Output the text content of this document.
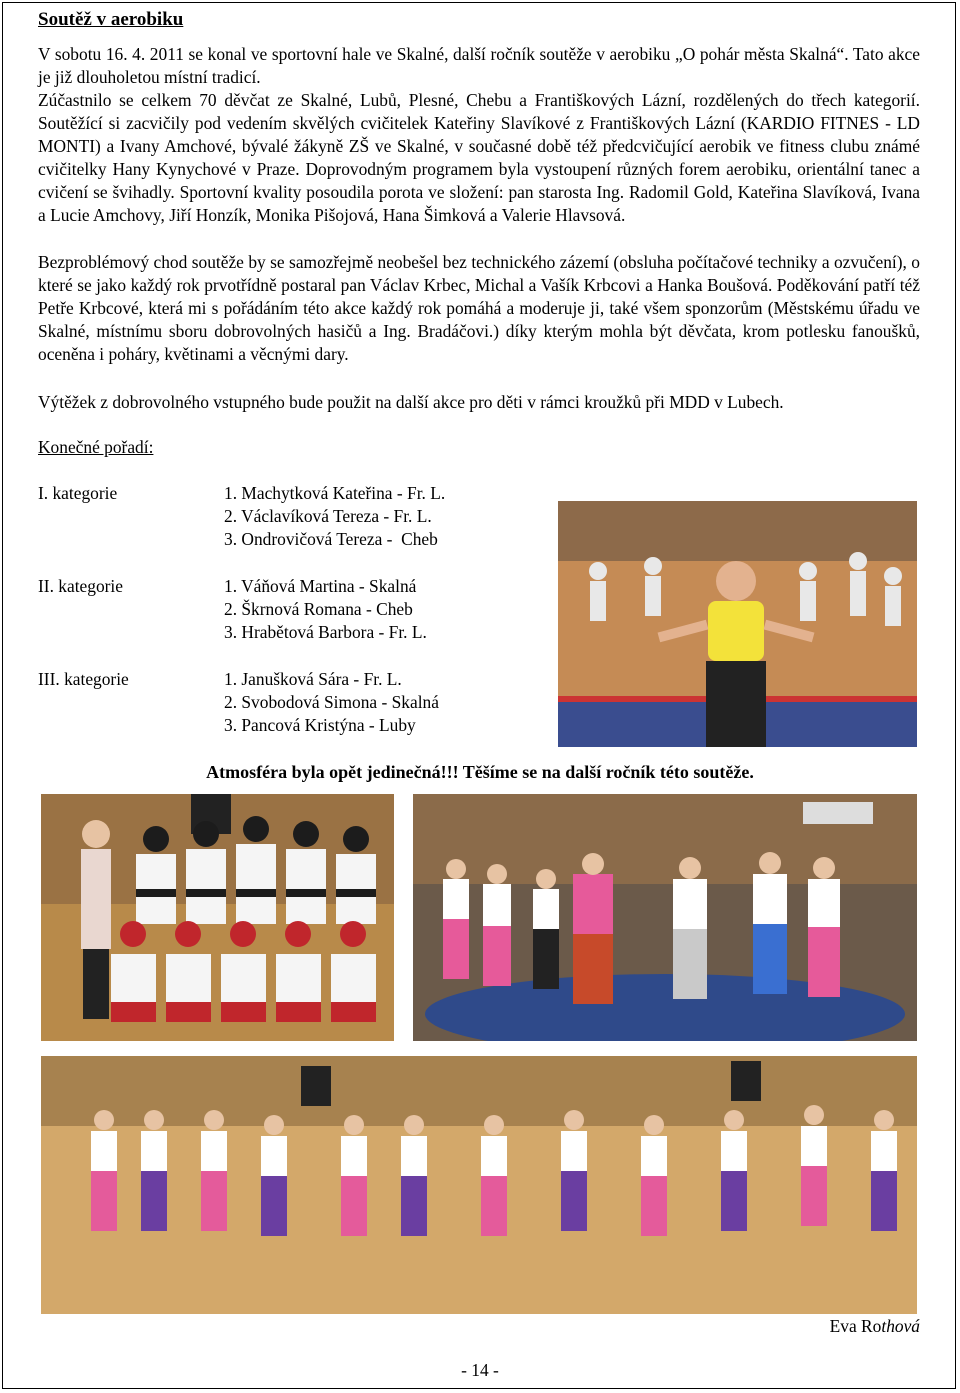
Soutěž v aerobiku

V sobotu 16. 4. 2011 se konal ve sportovní hale ve Skalné, další ročník soutěže v aerobiku „O pohár města Skalná“. Tato akce je již dlouholetou místní tradicí.

Zúčastnilo se celkem 70 děvčat ze Skalné, Lubů, Plesné, Chebu a Františkových Lázní, rozdělených do třech kategorií. Soutěžící si zacvičily pod vedením skvělých cvičitelek Kateřiny Slavíkové z Františkových Lázní (KARDIO FITNES - LD MONTI) a Ivany Amchové, bývalé žákyně ZŠ ve Skalné, v současné době též předcvičující aerobik ve fitness clubu známé cvičitelky Hany Kynychové v Praze. Doprovodným programem byla vystoupení různých forem aerobiku, orientální tanec a cvičení se švihadly. Sportovní kvality posoudila porota ve složení: pan starosta Ing. Radomil Gold, Kateřina Slavíková, Ivana a Lucie Amchovy, Jiří Honzík, Monika Pišojová, Hana Šimková a Valerie Hlavsová.

Bezproblémový chod soutěže by se samozřejmě neobešel bez technického zázemí (obsluha počítačové techniky a ozvučení), o které se jako každý rok prvotřídně postaral pan Václav Krbec, Michal a Vašík Krbcovi a Hanka Boušová. Poděkování patří též Petře Krbcové, která mi s pořádáním této akce každý rok pomáhá a moderuje ji, také všem sponzorům (Městskému úřadu ve Skalné, místnímu sboru dobrovolných hasičů a Ing. Bradáčovi.) díky kterým mohla být děvčata, krom potlesku fanoušků, oceněna i poháry, květinami a věcnými dary.

Výtěžek z dobrovolného vstupného bude použit na další akce pro děti v rámci kroužků při MDD v Lubech.

Konečné pořadí:

I. kategorie	1. Machytková Kateřina - Fr. L.
2. Václavíková Tereza - Fr. L.
3. Ondrovičová Tereza -  Cheb
II. kategorie	1. Váňová Martina - Skalná
2. Škrnová Romana - Cheb
3. Hrabětová Barbora - Fr. L.
III. kategorie	1. Janušková Sára - Fr. L.
2. Svobodová Simona - Skalná
3. Pancová Kristýna - Luby

Atmosféra byla opět jedinečná!!! Těšíme se na další ročník této soutěže.

Eva Rothová
- 14 -
